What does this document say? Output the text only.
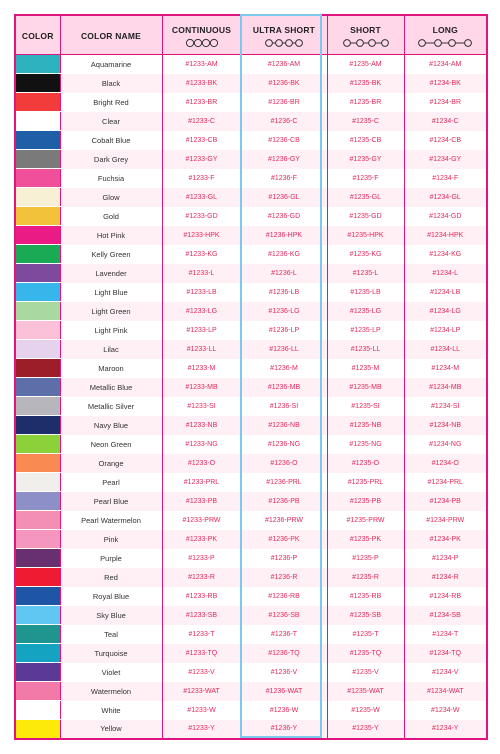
COLOR	COLOR NAME	CONTINUOUS	ULTRA SHORT	SHORT	LONG

	Aquamarine	#1233-AM	#1236-AM	#1235-AM	#1234-AM
	Black	#1233-BK	#1236-BK	#1235-BK	#1234-BK
	Bright Red	#1233-BR	#1236-BR	#1235-BR	#1234-BR
	Clear	#1233-C	#1236-C	#1235-C	#1234-C
	Cobalt Blue	#1233-CB	#1236-CB	#1235-CB	#1234-CB
	Dark Grey	#1233-GY	#1236-GY	#1235-GY	#1234-GY
	Fuchsia	#1233-F	#1236-F	#1235-F	#1234-F
	Glow	#1233-GL	#1236-GL	#1235-GL	#1234-GL
	Gold	#1233-GD	#1236-GD	#1235-GD	#1234-GD
	Hot Pink	#1233-HPK	#1236-HPK	#1235-HPK	#1234-HPK
	Kelly Green	#1233-KG	#1236-KG	#1235-KG	#1234-KG
	Lavender	#1233-L	#1236-L	#1235-L	#1234-L
	Light Blue	#1233-LB	#1236-LB	#1235-LB	#1234-LB
	Light Green	#1233-LG	#1236-LG	#1235-LG	#1234-LG
	Light Pink	#1233-LP	#1236-LP	#1235-LP	#1234-LP
	Lilac	#1233-LL	#1236-LL	#1235-LL	#1234-LL
	Maroon	#1233-M	#1236-M	#1235-M	#1234-M
	Metallic Blue	#1233-MB	#1236-MB	#1235-MB	#1234-MB
	Metallic Silver	#1233-SI	#1236-SI	#1235-SI	#1234-SI
	Navy Blue	#1233-NB	#1236-NB	#1235-NB	#1234-NB
	Neon Green	#1233-NG	#1236-NG	#1235-NG	#1234-NG
	Orange	#1233-O	#1236-O	#1235-O	#1234-O
	Pearl	#1233-PRL	#1236-PRL	#1235-PRL	#1234-PRL
	Pearl Blue	#1233-PB	#1236-PB	#1235-PB	#1234-PB
	Pearl Watermelon	#1233-PRW	#1236-PRW	#1235-PRW	#1234-PRW
	Pink	#1233-PK	#1236-PK	#1235-PK	#1234-PK
	Purple	#1233-P	#1236-P	#1235-P	#1234-P
	Red	#1233-R	#1236-R	#1235-R	#1234-R
	Royal Blue	#1233-RB	#1236-RB	#1235-RB	#1234-RB
	Sky Blue	#1233-SB	#1236-SB	#1235-SB	#1234-SB
	Teal	#1233-T	#1236-T	#1235-T	#1234-T
	Turquoise	#1233-TQ	#1236-TQ	#1235-TQ	#1234-TQ
	Violet	#1233-V	#1236-V	#1235-V	#1234-V
	Watermelon	#1233-WAT	#1236-WAT	#1235-WAT	#1234-WAT
	White	#1233-W	#1236-W	#1235-W	#1234-W
	Yellow	#1233-Y	#1236-Y	#1235-Y	#1234-Y
